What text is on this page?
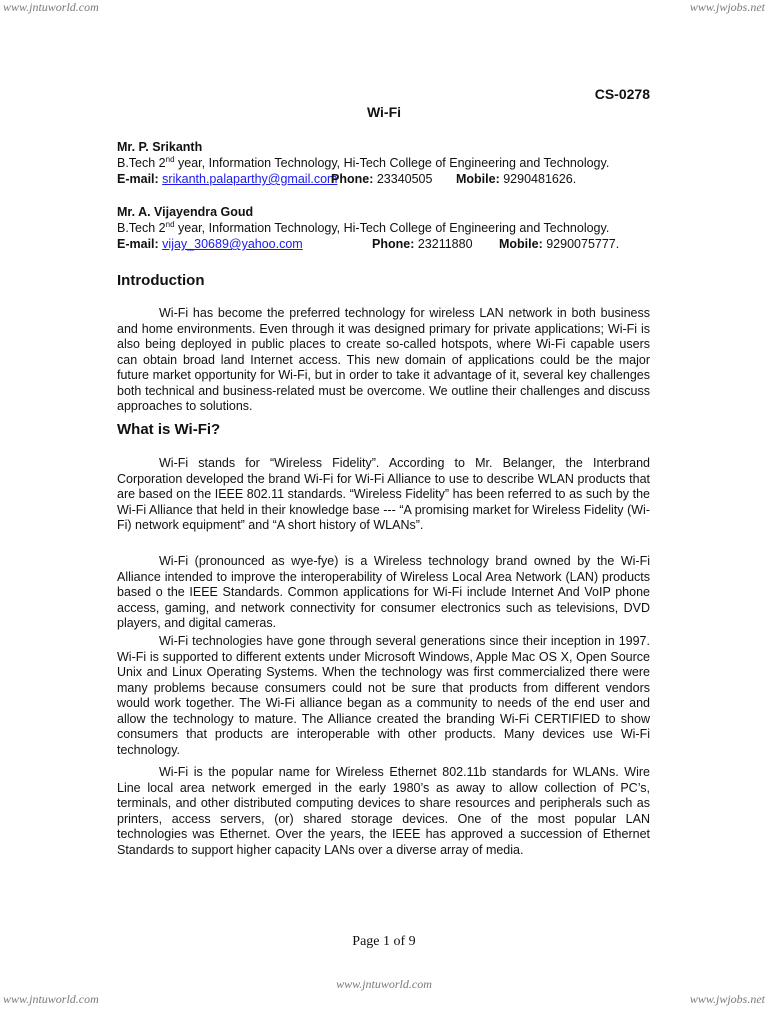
www.jntuworld.com	www.jwjobs.net
CS-0278
Wi-Fi
Mr. P. Srikanth
B.Tech 2nd year, Information Technology, Hi-Tech College of Engineering and Technology.
E-mail: srikanth.palaparthy@gmail.com
Phone: 23340505 Mobile: 9290481626.
Mr. A. Vijayendra Goud
B.Tech 2nd year, Information Technology, Hi-Tech College of Engineering and Technology.
E-mail: vijay_30689@yahoo.com	Phone: 23211880 Mobile: 9290075777.
Introduction

Wi-Fi has become the preferred technology for wireless LAN network in both business and home environments. Even through it was designed primary for private applications; Wi-Fi is also being deployed in public places to create so-called hotspots, where Wi-Fi capable users can obtain broad land Internet access. This new domain of applications could be the major future market opportunity for Wi-Fi, but in order to take it advantage of it, several key challenges both technical and business-related must be overcome. We outline their challenges and discuss approaches to solutions.

What is Wi-Fi?

Wi-Fi stands for “Wireless Fidelity”. According to Mr. Belanger, the Interbrand Corporation developed the brand Wi-Fi for Wi-Fi Alliance to use to describe WLAN products that are based on the IEEE 802.11 standards. “Wireless Fidelity” has been referred to as such by the Wi-Fi Alliance that held in their knowledge base --- “A promising market for Wireless Fidelity (Wi-Fi) network equipment” and “A short history of WLANs”.

Wi-Fi (pronounced as wye-fye) is a Wireless technology brand owned by the Wi-Fi Alliance intended to improve the interoperability of Wireless Local Area Network (LAN) products based o the IEEE Standards. Common applications for Wi-Fi include Internet And VoIP phone access, gaming, and network connectivity for consumer electronics such as televisions, DVD players, and digital cameras.

Wi-Fi technologies have gone through several generations since their inception in 1997. Wi-Fi is supported to different extents under Microsoft Windows, Apple Mac OS X, Open Source Unix and Linux Operating Systems. When the technology was first commercialized there were many problems because consumers could not be sure that products from different vendors would work together. The Wi-Fi alliance began as a community to needs of the end user and allow the technology to mature. The Alliance created the branding Wi-Fi CERTIFIED to show consumers that products are interoperable with other products. Many devices use Wi-Fi technology.

Wi-Fi is the popular name for Wireless Ethernet 802.11b standards for WLANs. Wire Line local area network emerged in the early 1980’s as away to allow collection of PC’s, terminals, and other distributed computing devices to share resources and peripherals such as printers, access servers, (or) shared storage devices. One of the most popular LAN technologies was Ethernet. Over the years, the IEEE has approved a succession of Ethernet Standards to support higher capacity LANs over a diverse array of media.

Page 1 of 9
www.jntuworld.com
www.jntuworld.com	www.jwjobs.net
